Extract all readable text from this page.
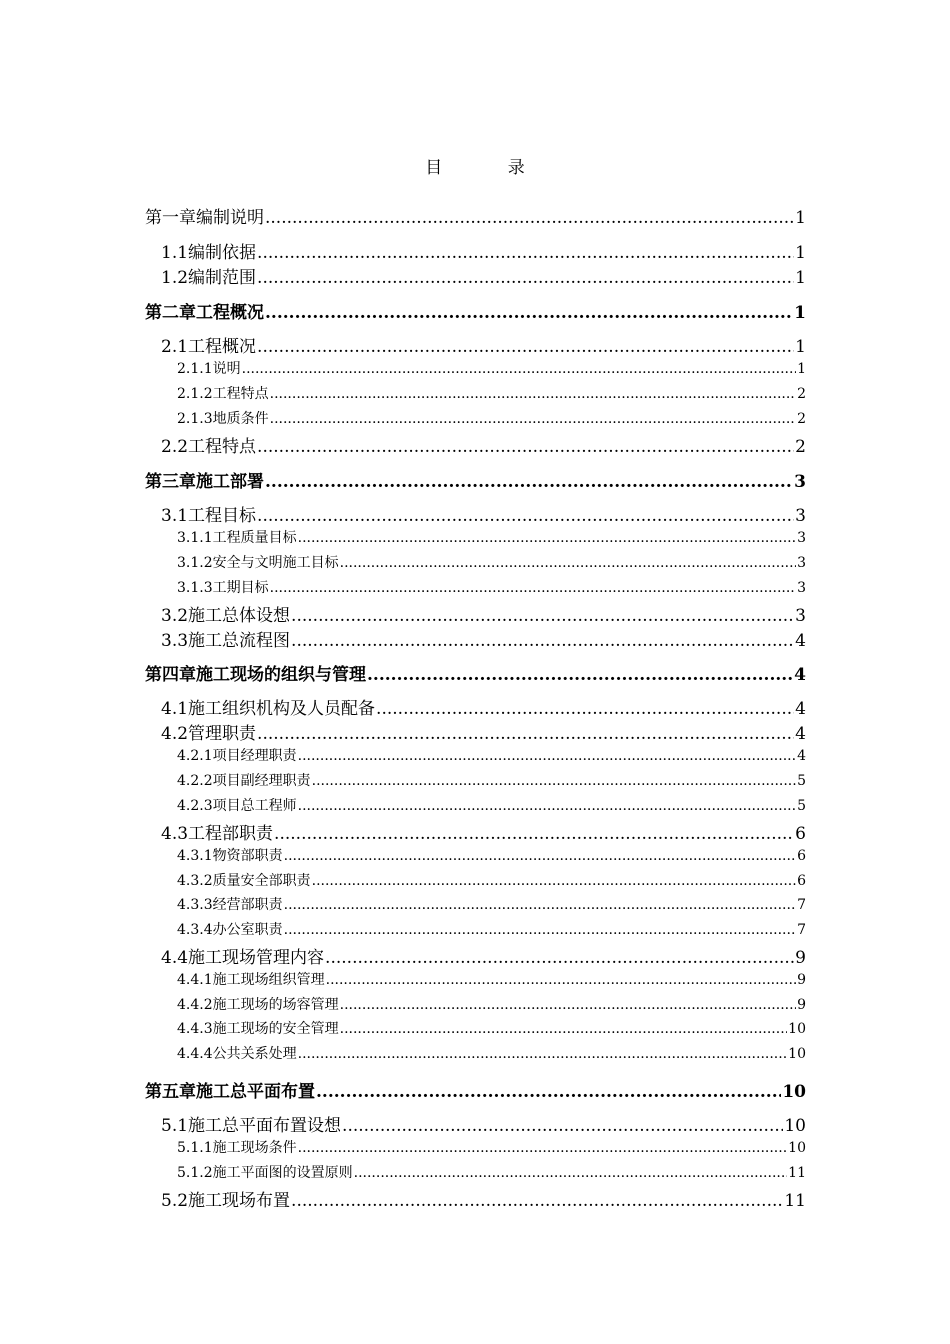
目 录
第一章 编制说明 .....	1
1.1 编制依据 .....	1
1.2 编制范围 .....	1
第二章 工程概况 .....	1
2.1 工程概况 .....	1
2.1.1 说明 .....	1
2.1.2 工程特点 .....	2
2.1.3 地质条件 .....	2
2.2 工程特点 .....	2
第三章 施工部署 .....	3
3.1 工程目标 .....	3
3.1.1 工程质量目标 .....	3
3.1.2 安全与文明施工目标 .....	3
3.1.3 工期目标 .....	3
3.2 施工总体设想 .....	3
3.3 施工总流程图 .....	4
第四章 施工现场的组织与管理 .....	4
4.1 施工组织机构及人员配备 .....	4
4.2 管理职责 .....	4
4.2.1 项目经理职责 .....	4
4.2.2 项目副经理职责 .....	5
4.2.3 项目总工程师 .....	5
4.3 工程部职责 .....	6
4.3.1 物资部职责 .....	6
4.3.2 质量安全部职责 .....	6
4.3.3 经营部职责 .....	7
4.3.4 办公室职责 .....	7
4.4 施工现场管理内容 .....	9
4.4.1 施工现场组织管理 .....	9
4.4.2 施工现场的场容管理 .....	9
4.4.3 施工现场的安全管理 .....	10
4.4.4 公共关系处理 .....	10
第五章 施工总平面布置 .....	10
5.1 施工总平面布置设想 .....	10
5.1.1 施工现场条件 .....	10
5.1.2 施工平面图的设置原则 .....	11
5.2 施工现场布置 .....	11
